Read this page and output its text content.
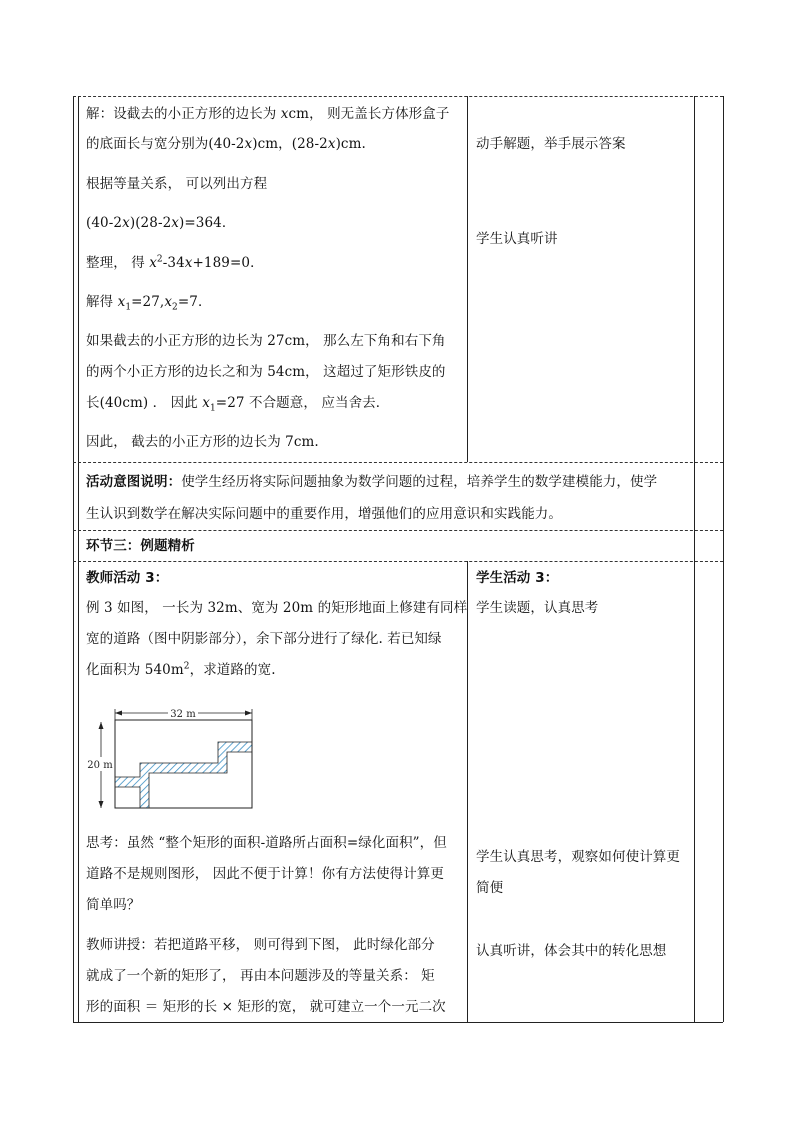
解：设截去的小正方形的边长为 xcm， 则无盖长方体形盒子
的底面长与宽分别为(40-2x)cm，(28-2x)cm.
根据等量关系， 可以列出方程
(40-2x)(28-2x)=364．
整理， 得 $x^2-34x+189=0$．
解得 $x_1=27,x_2=7$．
如果截去的小正方形的边长为 27cm， 那么左下角和右下角
的两个小正方形的边长之和为 54cm， 这超过了矩形铁皮的
长(40cm) ． 因此 $x_1=27$ 不合题意， 应当舍去．
因此， 截去的小正方形的边长为 7cm.
动手解题，举手展示答案
学生认真听讲
活动意图说明：使学生经历将实际问题抽象为数学问题的过程，培养学生的数学建模能力，使学
生认识到数学在解决实际问题中的重要作用，增强他们的应用意识和实践能力。
环节三：例题精析
教师活动 3：
例 3 如图， 一长为 32m、宽为 20m 的矩形地面上修建有同样
宽的道路（图中阴影部分），余下部分进行了绿化. 若已知绿
化面积为 $540m^2$，求道路的宽.
32 m
20 m
思考：虽然 “整个矩形的面积-道路所占面积=绿化面积”，但
道路不是规则图形， 因此不便于计算！你有方法使得计算更
简单吗？
教师讲授：若把道路平移， 则可得到下图， 此时绿化部分
就成了一个新的矩形了， 再由本问题涉及的等量关系： 矩
形的面积 ＝ 矩形的长 × 矩形的宽， 就可建立一个一元二次
学生活动 3：
学生读题，认真思考
学生认真思考，观察如何使计算更
简便
认真听讲，体会其中的转化思想
